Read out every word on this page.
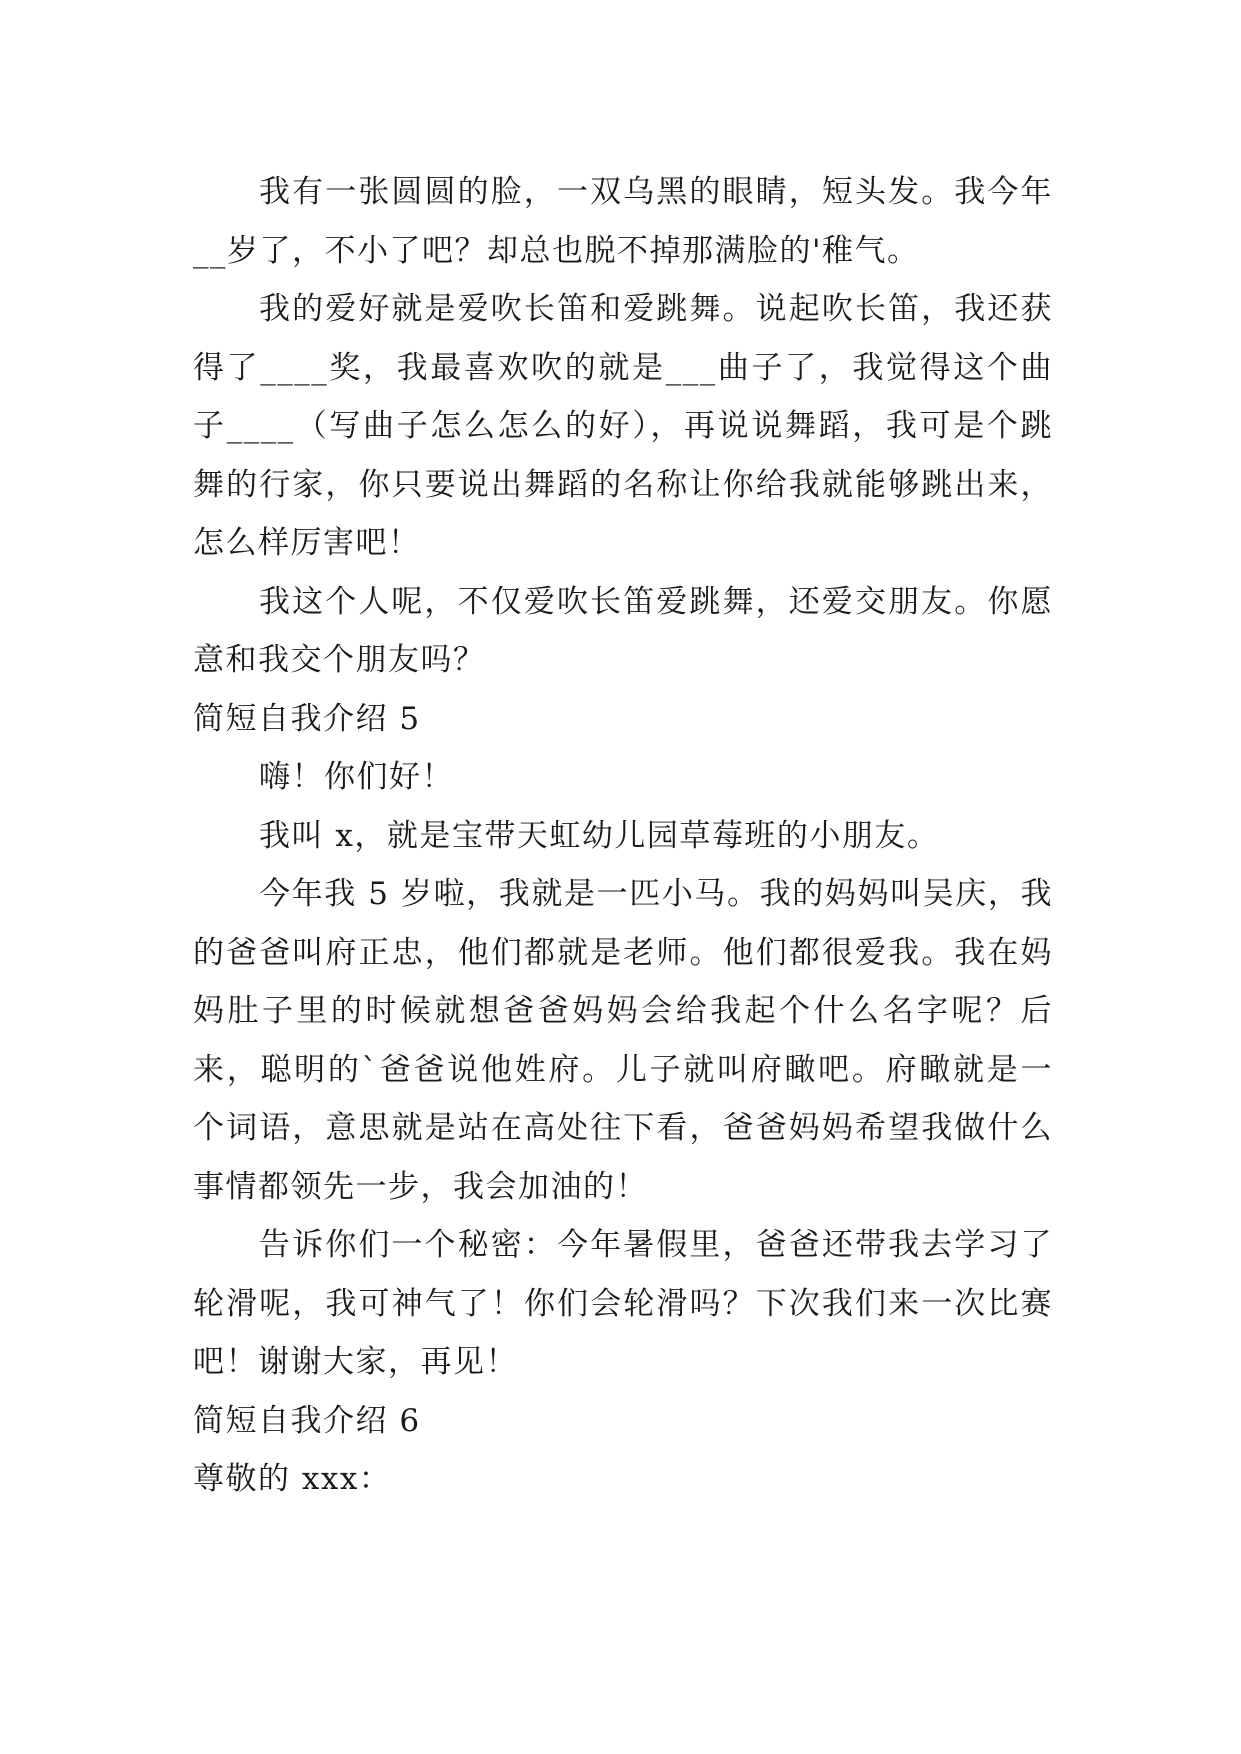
我有一张圆圆的脸，一双乌黑的眼睛，短头发。我今年__岁了，不小了吧？却总也脱不掉那满脸的'稚气。

我的爱好就是爱吹长笛和爱跳舞。说起吹长笛，我还获得了____奖，我最喜欢吹的就是___曲子了，我觉得这个曲子____（写曲子怎么怎么的好），再说说舞蹈，我可是个跳舞的行家，你只要说出舞蹈的名称让你给我就能够跳出来，怎么样厉害吧！

我这个人呢，不仅爱吹长笛爱跳舞，还爱交朋友。你愿意和我交个朋友吗？

简短自我介绍 5

嗨！你们好！

我叫 x，就是宝带天虹幼儿园草莓班的小朋友。

今年我 5 岁啦，我就是一匹小马。我的妈妈叫吴庆，我的爸爸叫府正忠，他们都就是老师。他们都很爱我。我在妈妈肚子里的时候就想爸爸妈妈会给我起个什么名字呢？后来，聪明的`爸爸说他姓府。儿子就叫府瞰吧。府瞰就是一个词语，意思就是站在高处往下看，爸爸妈妈希望我做什么事情都领先一步，我会加油的！

告诉你们一个秘密：今年暑假里，爸爸还带我去学习了轮滑呢，我可神气了！你们会轮滑吗？下次我们来一次比赛吧！谢谢大家，再见！

简短自我介绍 6

尊敬的 xxx：
